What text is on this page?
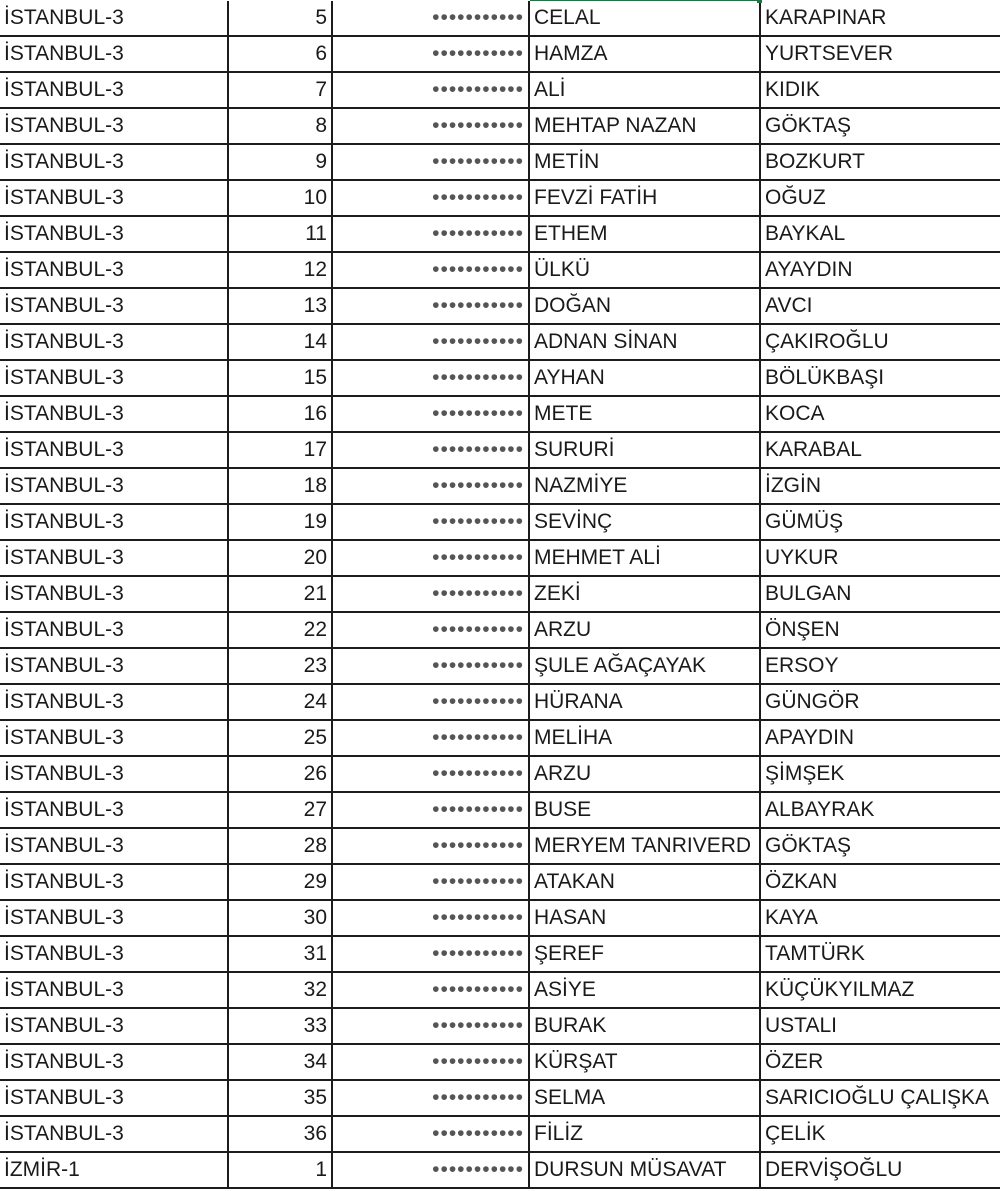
İSTANBUL-3	5	•••••••••••	CELAL	KARAPINAR
İSTANBUL-3	6	•••••••••••	HAMZA	YURTSEVER
İSTANBUL-3	7	•••••••••••	ALİ	KIDIK
İSTANBUL-3	8	•••••••••••	MEHTAP NAZAN	GÖKTAŞ
İSTANBUL-3	9	•••••••••••	METİN	BOZKURT
İSTANBUL-3	10	•••••••••••	FEVZİ FATİH	OĞUZ
İSTANBUL-3	11	•••••••••••	ETHEM	BAYKAL
İSTANBUL-3	12	•••••••••••	ÜLKÜ	AYAYDIN
İSTANBUL-3	13	•••••••••••	DOĞAN	AVCI
İSTANBUL-3	14	•••••••••••	ADNAN SİNAN	ÇAKIROĞLU
İSTANBUL-3	15	•••••••••••	AYHAN	BÖLÜKBAŞI
İSTANBUL-3	16	•••••••••••	METE	KOCA
İSTANBUL-3	17	•••••••••••	SURURİ	KARABAL
İSTANBUL-3	18	•••••••••••	NAZMİYE	İZGİN
İSTANBUL-3	19	•••••••••••	SEVİNÇ	GÜMÜŞ
İSTANBUL-3	20	•••••••••••	MEHMET ALİ	UYKUR
İSTANBUL-3	21	•••••••••••	ZEKİ	BULGAN
İSTANBUL-3	22	•••••••••••	ARZU	ÖNŞEN
İSTANBUL-3	23	•••••••••••	ŞULE AĞAÇAYAK	ERSOY
İSTANBUL-3	24	•••••••••••	HÜRANA	GÜNGÖR
İSTANBUL-3	25	•••••••••••	MELİHA	APAYDIN
İSTANBUL-3	26	•••••••••••	ARZU	ŞİMŞEK
İSTANBUL-3	27	•••••••••••	BUSE	ALBAYRAK
İSTANBUL-3	28	•••••••••••	MERYEM TANRIVERD	GÖKTAŞ
İSTANBUL-3	29	•••••••••••	ATAKAN	ÖZKAN
İSTANBUL-3	30	•••••••••••	HASAN	KAYA
İSTANBUL-3	31	•••••••••••	ŞEREF	TAMTÜRK
İSTANBUL-3	32	•••••••••••	ASİYE	KÜÇÜKYILMAZ
İSTANBUL-3	33	•••••••••••	BURAK	USTALI
İSTANBUL-3	34	•••••••••••	KÜRŞAT	ÖZER
İSTANBUL-3	35	•••••••••••	SELMA	SARICIOĞLU ÇALIŞKA
İSTANBUL-3	36	•••••••••••	FİLİZ	ÇELİK
İZMİR-1	1	•••••••••••	DURSUN MÜSAVAT	DERVİŞOĞLU
